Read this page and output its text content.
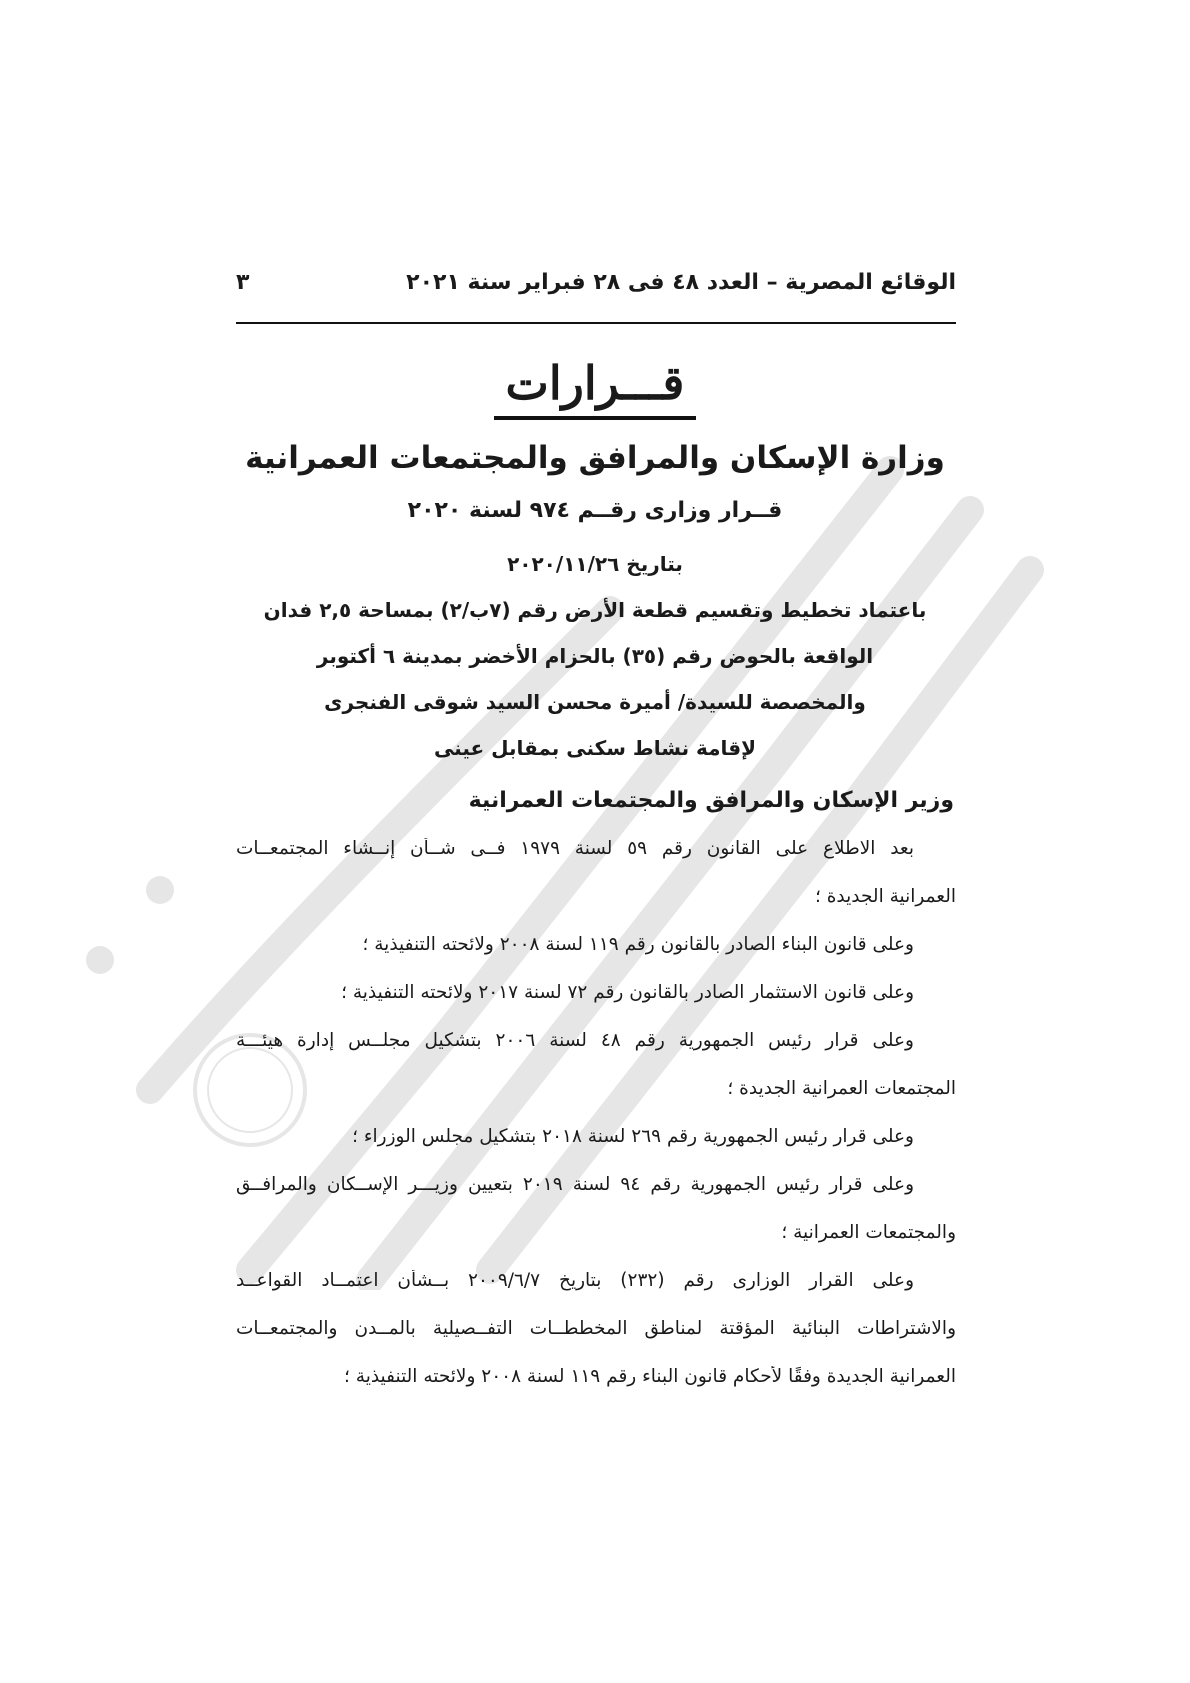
الوقائع المصرية – العدد ٤٨ فى ٢٨ فبراير سنة ٢٠٢١
٣
قـــرارات
وزارة الإسكان والمرافق والمجتمعات العمرانية
قــرار وزارى رقــم ٩٧٤ لسنة ٢٠٢٠
بتاريخ ٢٠٢٠/١١/٢٦
باعتماد تخطيط وتقسيم قطعة الأرض رقم (٧ب/٢) بمساحة ٢,٥ فدان
الواقعة بالحوض رقم (٣٥) بالحزام الأخضر بمدينة ٦ أكتوبر
والمخصصة للسيدة/ أميرة محسن السيد شوقى الفنجرى
لإقامة نشاط سكنى بمقابل عينى
وزير الإسكان والمرافق والمجتمعات العمرانية
بعد الاطلاع على القانون رقم ٥٩ لسنة ١٩٧٩ فــى شــأن إنــشاء المجتمعــات
العمرانية الجديدة ؛
وعلى قانون البناء الصادر بالقانون رقم ١١٩ لسنة ٢٠٠٨ ولائحته التنفيذية ؛
وعلى قانون الاستثمار الصادر بالقانون رقم ٧٢ لسنة ٢٠١٧ ولائحته التنفيذية ؛
وعلى قرار رئيس الجمهورية رقم ٤٨ لسنة ٢٠٠٦ بتشكيل مجلــس إدارة هيئـــة
المجتمعات العمرانية الجديدة ؛
وعلى قرار رئيس الجمهورية رقم ٢٦٩ لسنة ٢٠١٨ بتشكيل مجلس الوزراء ؛
وعلى قرار رئيس الجمهورية رقم ٩٤ لسنة ٢٠١٩ بتعيين وزيـــر الإســكان والمرافــق
والمجتمعات العمرانية ؛
وعلى القرار الوزارى رقم (٢٣٢) بتاريخ ٢٠٠٩/٦/٧ بــشأن اعتمــاد القواعــد
والاشتراطات البنائية المؤقتة لمناطق المخططــات التفــصيلية بالمــدن والمجتمعــات
العمرانية الجديدة وفقًا لأحكام قانون البناء رقم ١١٩ لسنة ٢٠٠٨ ولائحته التنفيذية ؛
